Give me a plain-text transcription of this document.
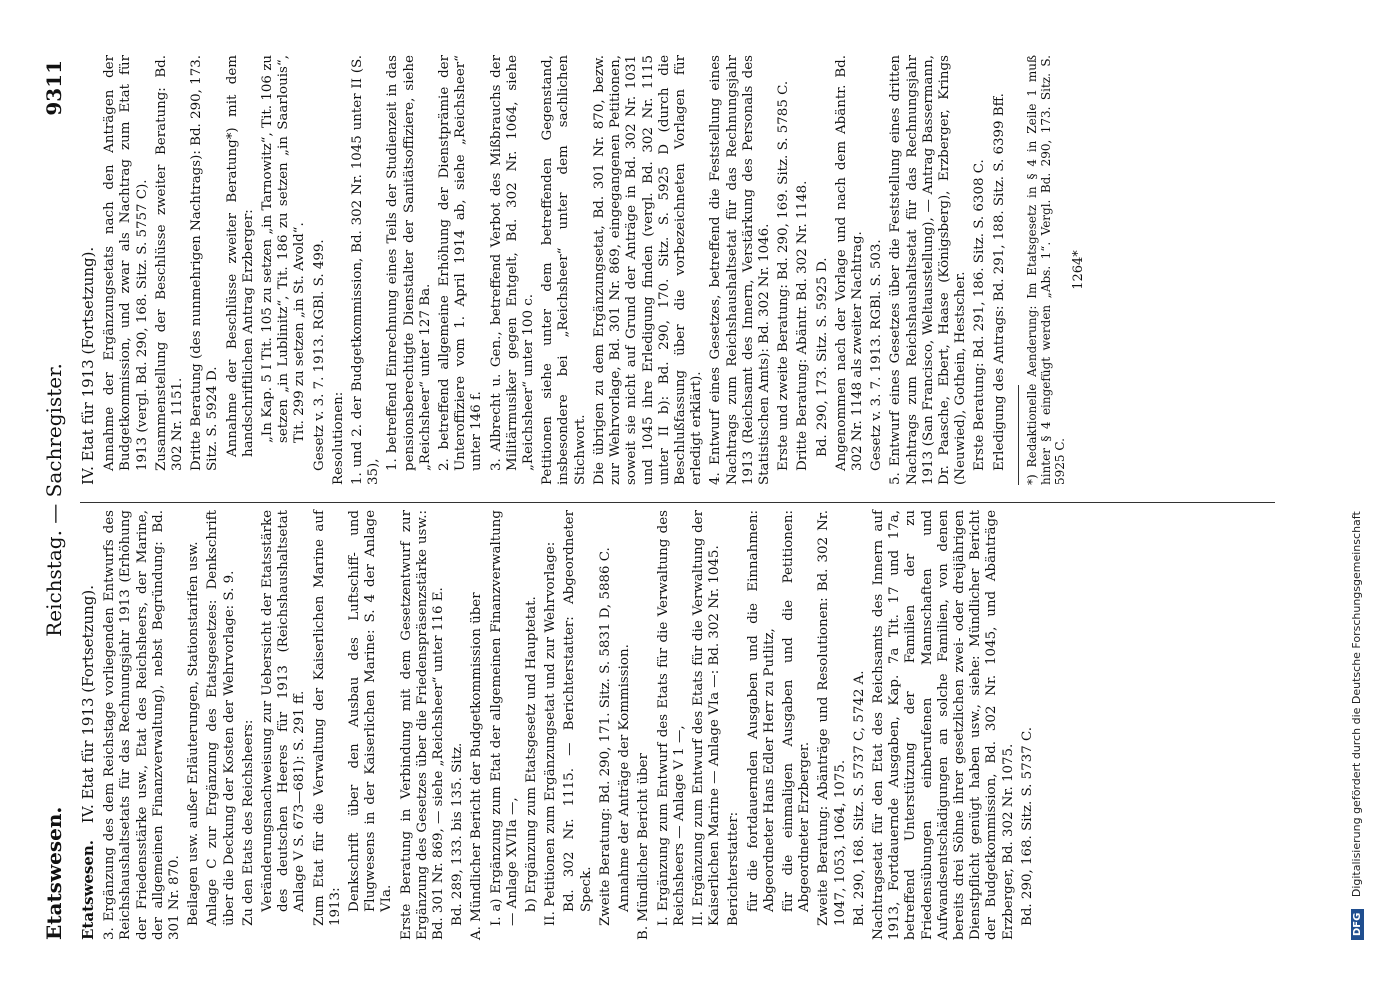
Etatswesen.
Reichstag. — Sachregister.
9311
Etatswesen. IV. Etat für 1913 (Fortsetzung). 3. Ergänzung des dem Reichstage vorliegenden Entwurfs des Reichshaushaltsetats für das Rechnungsjahr 1913 (Erhöhung der Friedensstärke usw., Etat des Reichsheers, der Marine, der allgemeinen Finanzverwaltung), nebst Begründung: Bd. 301 Nr. 870. Beilagen usw. außer Erläuterungen, Stationstarifen usw. Anlage C zur Ergänzung des Etatsgesetzes: Denkschrift über die Deckung der Kosten der Wehrvorlage: S. 9. Zu den Etats des Reichsheers: Veränderungsnachweisung zur Uebersicht der Etatsstärke des deutschen Heeres für 1913 (Reichshaushaltsetat Anlage V S. 673—681): S. 291 ff. Zum Etat für die Verwaltung der Kaiserlichen Marine auf 1913: Denkschrift über den Ausbau des Luftschiff- und Flugwesens in der Kaiserlichen Marine: S. 4 der Anlage VIa. Erste Beratung in Verbindung mit dem Gesetzentwurf zur Ergänzung des Gesetzes über die Friedenspräsenzstärke usw.: Bd. 301 Nr. 869, — siehe „Reichsheer“ unter 116 E. Bd. 289, 133. bis 135. Sitz. A. Mündlicher Bericht der Budgetkommission über I. a) Ergänzung zum Etat der allgemeinen Finanzverwaltung — Anlage XVIIa —, b) Ergänzung zum Etatsgesetz und Hauptetat. II. Petitionen zum Ergänzungsetat und zur Wehrvorlage: Bd. 302 Nr. 1115. — Berichterstatter: Abgeordneter Speck. Zweite Beratung: Bd. 290, 171. Sitz. S. 5831 D, 5886 C. Annahme der Anträge der Kommission. B. Mündlicher Bericht über I. Ergänzung zum Entwurf des Etats für die Verwaltung des Reichsheers — Anlage V 1 —, II. Ergänzung zum Entwurf des Etats für die Verwaltung der Kaiserlichen Marine — Anlage VIa —: Bd. 302 Nr. 1045. Berichterstatter: für die fortdauernden Ausgaben und die Einnahmen: Abgeordneter Hans Edler Herr zu Putlitz, für die einmaligen Ausgaben und die Petitionen: Abgeordneter Erzberger. Zweite Beratung: Abänträge und Resolutionen: Bd. 302 Nr. 1047, 1053, 1064, 1075. Bd. 290, 168. Sitz. S. 5737 C, 5742 A. Nachtragsetat für den Etat des Reichsamts des Innern auf 1913, Fortdauernde Ausgaben, Kap. 7a Tit. 17 und 17a, betreffend Unterstützung der Familien der zu Friedensübungen einberufenen Mannschaften und Aufwandsentschädigungen an solche Familien, von denen bereits drei Söhne ihrer gesetzlichen zwei- oder dreijährigen Dienstpflicht genügt haben usw., siehe: Mündlicher Bericht der Budgetkommission, Bd. 302 Nr. 1045, und Abänträge Erzberger, Bd. 302 Nr. 1075. Bd. 290, 168. Sitz. S. 5737 C.

IV. Etat für 1913 (Fortsetzung). Annahme der Ergänzungsetats nach den Anträgen der Budgetkommission, und zwar als Nachtrag zum Etat für 1913 (vergl. Bd. 290, 168. Sitz. S. 5757 C). Zusammenstellung der Beschlüsse zweiter Beratung: Bd. 302 Nr. 1151. Dritte Beratung (des nunmehrigen Nachtrags): Bd. 290, 173. Sitz. S. 5924 D. Annahme der Beschlüsse zweiter Beratung*) mit dem handschriftlichen Antrag Erzberger: „In Kap. 5 I Tit. 105 zu setzen „in Tarnowitz“, Tit. 106 zu setzen „in Lublinitz“, Tit. 186 zu setzen „in Saarlouis“, Tit. 299 zu setzen „in St. Avold“. Gesetz v. 3. 7. 1913. RGBl. S. 499. Resolutionen: 1. und 2. der Budgetkommission, Bd. 302 Nr. 1045 unter II (S. 35),

1. betreffend Einrechnung eines Teils der Studienzeit in das pensionsberechtigte Dienstalter der Sanitätsoffiziere, siehe „Reichsheer“ unter 127 Ba. 2. betreffend allgemeine Erhöhung der Dienstprämie der Unteroffiziere vom 1. April 1914 ab, siehe „Reichsheer“ unter 146 f. 3. Albrecht u. Gen., betreffend Verbot des Mißbrauchs der Militärmusiker gegen Entgelt, Bd. 302 Nr. 1064, siehe „Reichsheer“ unter 100 c. Petitionen siehe unter dem betreffenden Gegenstand, insbesondere bei „Reichsheer“ unter dem sachlichen Stichwort. Die übrigen zu dem Ergänzungsetat, Bd. 301 Nr. 870, bezw. zur Wehrvorlage, Bd. 301 Nr. 869, eingegangenen Petitionen, soweit sie nicht auf Grund der Anträge in Bd. 302 Nr. 1031 und 1045 ihre Erledigung finden (vergl. Bd. 302 Nr. 1115 unter II b): Bd. 290, 170. Sitz. S. 5925 D (durch die Beschlußfassung über die vorbezeichneten Vorlagen für erledigt erklärt). 4. Entwurf eines Gesetzes, betreffend die Feststellung eines Nachtrags zum Reichshaushaltsetat für das Rechnungsjahr 1913 (Reichsamt des Innern, Verstärkung des Personals des Statistischen Amts): Bd. 302 Nr. 1046. Erste und zweite Beratung: Bd. 290, 169. Sitz. S. 5785 C. Dritte Beratung: Abäntr. Bd. 302 Nr. 1148. Bd. 290, 173. Sitz. S. 5925 D. Angenommen nach der Vorlage und nach dem Abäntr. Bd. 302 Nr. 1148 als zweiter Nachtrag. Gesetz v. 3. 7. 1913. RGBl. S. 503. 5. Entwurf eines Gesetzes über die Feststellung eines dritten Nachtrags zum Reichshaushaltsetat für das Rechnungsjahr 1913 (San Francisco, Weltausstellung), — Antrag Bassermann, Dr. Paasche, Ebert, Haase (Königsberg), Erzberger, Krings (Neuwied), Gothein, Hestscher. Erste Beratung: Bd. 291, 186. Sitz. S. 6308 C. Erledigung des Antrags: Bd. 291, 188. Sitz. S. 6399 Bff. *) Redaktionelle Aenderung: Im Etatsgesetz in § 4 in Zeile 1 muß hinter § 4 eingefügt werden „Abs. 1“. Vergl. Bd. 290, 173. Sitz. S. 5925 C.

1264*
DFG Digitalisierung gefördert durch die Deutsche Forschungsgemeinschaft
